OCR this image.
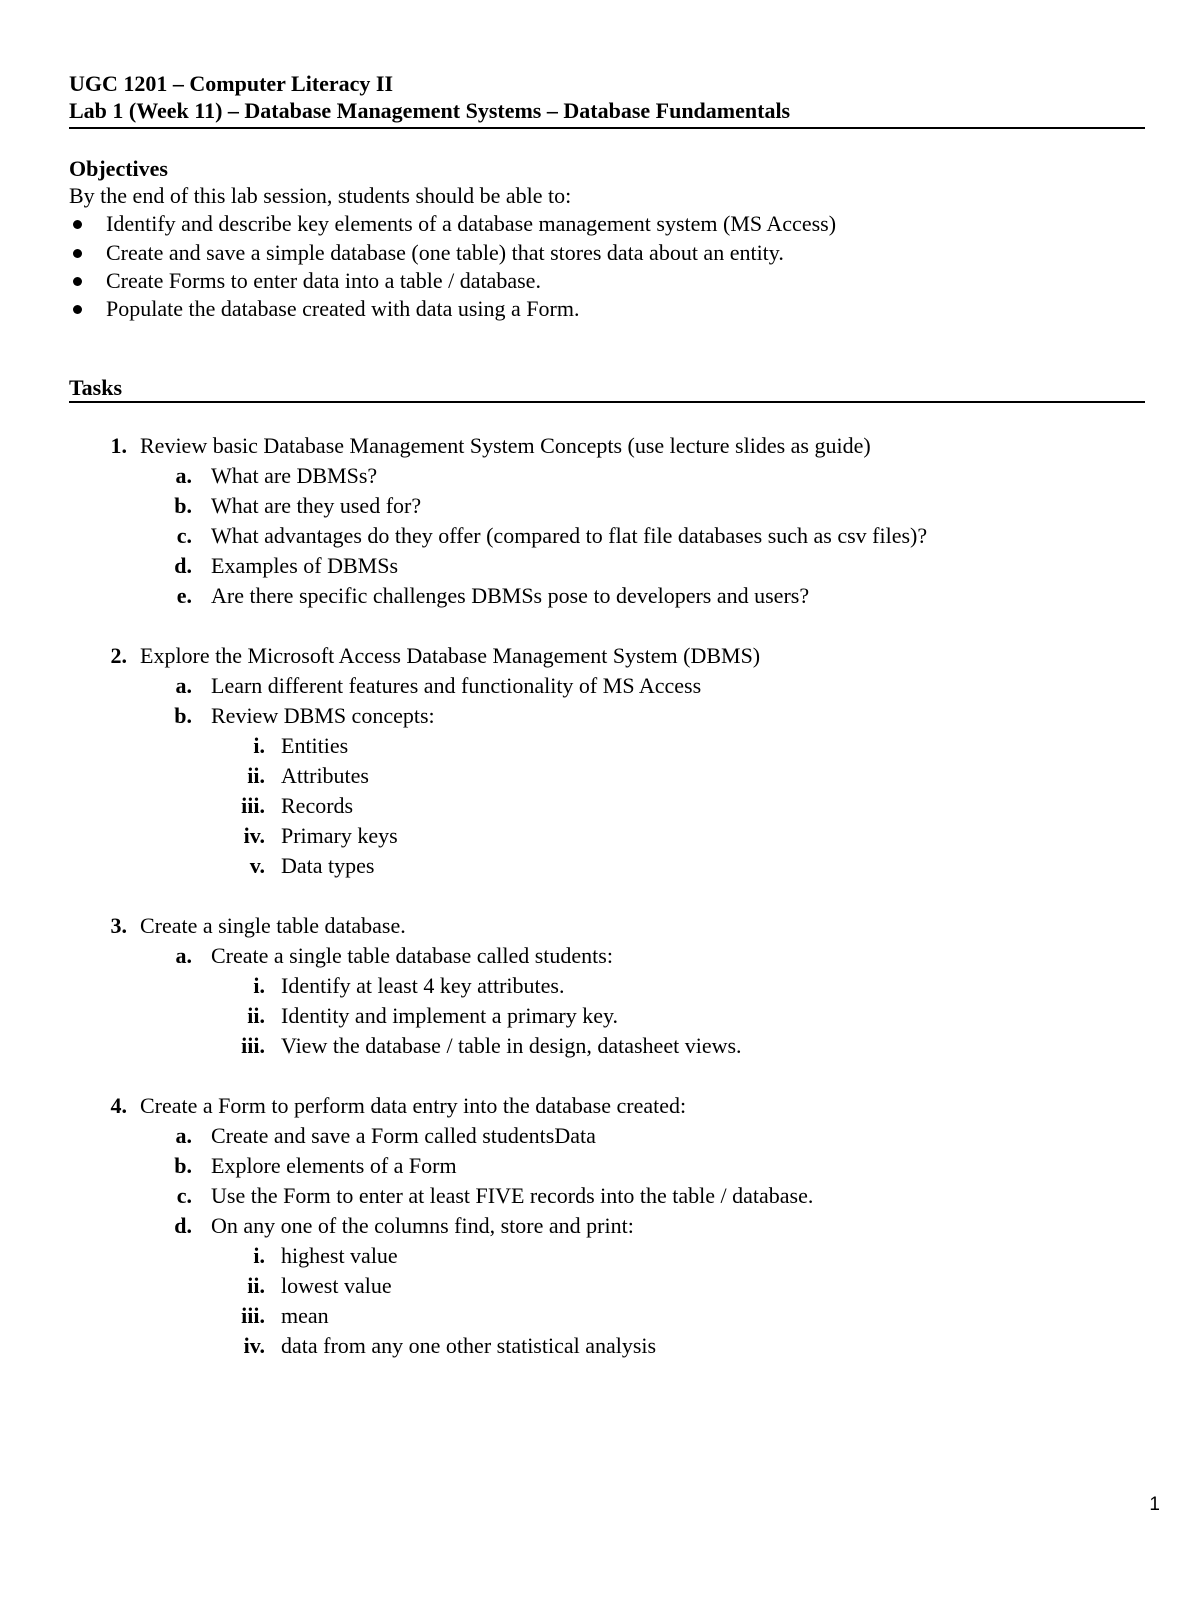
UGC 1201 – Computer Literacy II
Lab 1 (Week 11) – Database Management Systems – Database Fundamentals
Objectives
By the end of this lab session, students should be able to:
Identify and describe key elements of a database management system (MS Access)
Create and save a simple database (one table) that stores data about an entity.
Create Forms to enter data into a table / database.
Populate the database created with data using a Form.
Tasks
1. Review basic Database Management System Concepts (use lecture slides as guide)
a. What are DBMSs?
b. What are they used for?
c. What advantages do they offer (compared to flat file databases such as csv files)?
d. Examples of DBMSs
e. Are there specific challenges DBMSs pose to developers and users?
2. Explore the Microsoft Access Database Management System (DBMS)
a. Learn different features and functionality of MS Access
b. Review DBMS concepts:
i. Entities
ii. Attributes
iii. Records
iv. Primary keys
v. Data types
3. Create a single table database.
a. Create a single table database called students:
i. Identify at least 4 key attributes.
ii. Identity and implement a primary key.
iii. View the database / table in design, datasheet views.
4. Create a Form to perform data entry into the database created:
a. Create and save a Form called studentsData
b. Explore elements of a Form
c. Use the Form to enter at least FIVE records into the table / database.
d. On any one of the columns find, store and print:
i. highest value
ii. lowest value
iii. mean
iv. data from any one other statistical analysis
1
